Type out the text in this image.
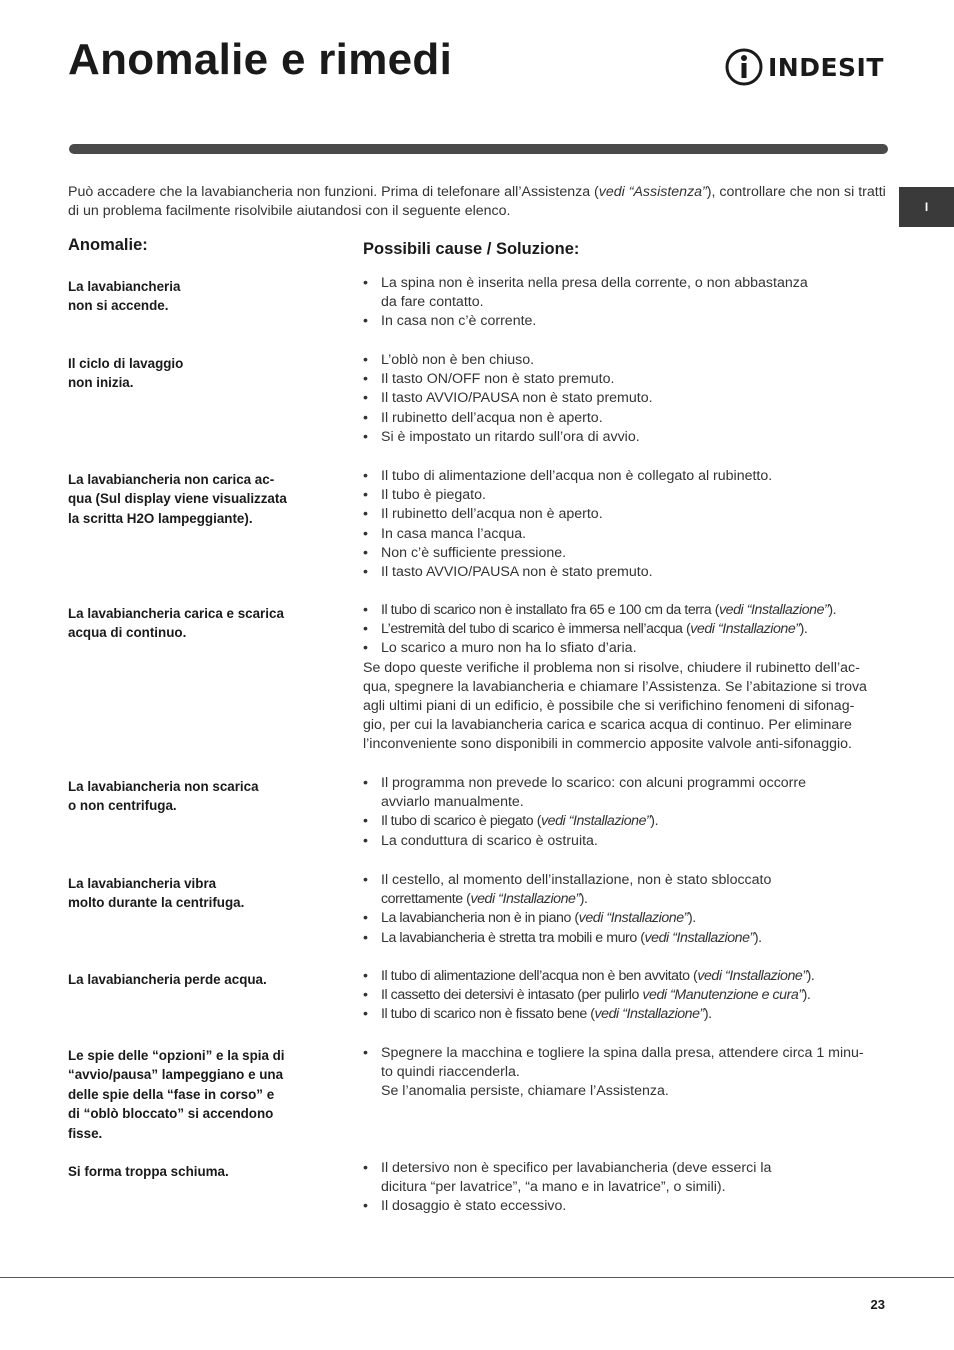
Anomalie e rimedi	INDESIT
I

Può accadere che la lavabiancheria non funzioni. Prima di telefonare all’Assistenza (vedi “Assistenza”), controllare che non si tratti di un problema facilmente risolvibile aiutandosi con il seguente elenco.

Anomalie:	Possibili cause / Soluzione:

La lavabiancheria
non si accende.

• La spina non è inserita nella presa della corrente, o non abbastanza
da fare contatto.
• In casa non c’è corrente.

Il ciclo di lavaggio
non inizia.

• L’oblò non è ben chiuso.
• Il tasto ON/OFF non è stato premuto.
• Il tasto AVVIO/PAUSA non è stato premuto.
• Il rubinetto dell’acqua non è aperto.
• Si è impostato un ritardo sull’ora di avvio.

La lavabiancheria non carica ac-
qua (Sul display viene visualizzata
la scritta H2O lampeggiante).

• Il tubo di alimentazione dell’acqua non è collegato al rubinetto.
• Il tubo è piegato.
• Il rubinetto dell’acqua non è aperto.
• In casa manca l’acqua.
• Non c’è sufficiente pressione.
• Il tasto AVVIO/PAUSA non è stato premuto.

La lavabiancheria carica e scarica
acqua di continuo.

• Il tubo di scarico non è installato fra 65 e 100 cm da terra (vedi “Installazione”).
• L’estremità del tubo di scarico è immersa nell’acqua (vedi “Installazione”).
• Lo scarico a muro non ha lo sfiato d’aria.

Se dopo queste verifiche il problema non si risolve, chiudere il rubinetto dell’ac-
qua, spegnere la lavabiancheria e chiamare l’Assistenza. Se l’abitazione si trova
agli ultimi piani di un edificio, è possibile che si verifichino fenomeni di sifonag-
gio, per cui la lavabiancheria carica e scarica acqua di continuo. Per eliminare
l’inconveniente sono disponibili in commercio apposite valvole anti-sifonaggio.

La lavabiancheria non scarica
o non centrifuga.

• Il programma non prevede lo scarico: con alcuni programmi occorre
avviarlo manualmente.
• Il tubo di scarico è piegato (vedi “Installazione”).
• La conduttura di scarico è ostruita.

La lavabiancheria vibra
molto durante la centrifuga.

• Il cestello, al momento dell’installazione, non è stato sbloccato
correttamente (vedi “Installazione”).
• La lavabiancheria non è in piano (vedi “Installazione”).
• La lavabiancheria è stretta tra mobili e muro (vedi “Installazione”).

La lavabiancheria perde acqua.	• Il tubo di alimentazione dell’acqua non è ben avvitato (vedi “Installazione”).
• Il cassetto dei detersivi è intasato (per pulirlo vedi “Manutenzione e cura”).
• Il tubo di scarico non è fissato bene (vedi “Installazione”).

Le spie delle “opzioni” e la spia di
“avvio/pausa” lampeggiano e una
delle spie della “fase in corso” e
di “oblò bloccato” si accendono
fisse.

• Spegnere la macchina e togliere la spina dalla presa, attendere circa 1 minu-
to quindi riaccenderla.
Se l’anomalia persiste, chiamare l’Assistenza.

Si forma troppa schiuma.	• Il detersivo non è specifico per lavabiancheria (deve esserci la
dicitura “per lavatrice”, “a mano e in lavatrice”, o simili).
• Il dosaggio è stato eccessivo.
23
